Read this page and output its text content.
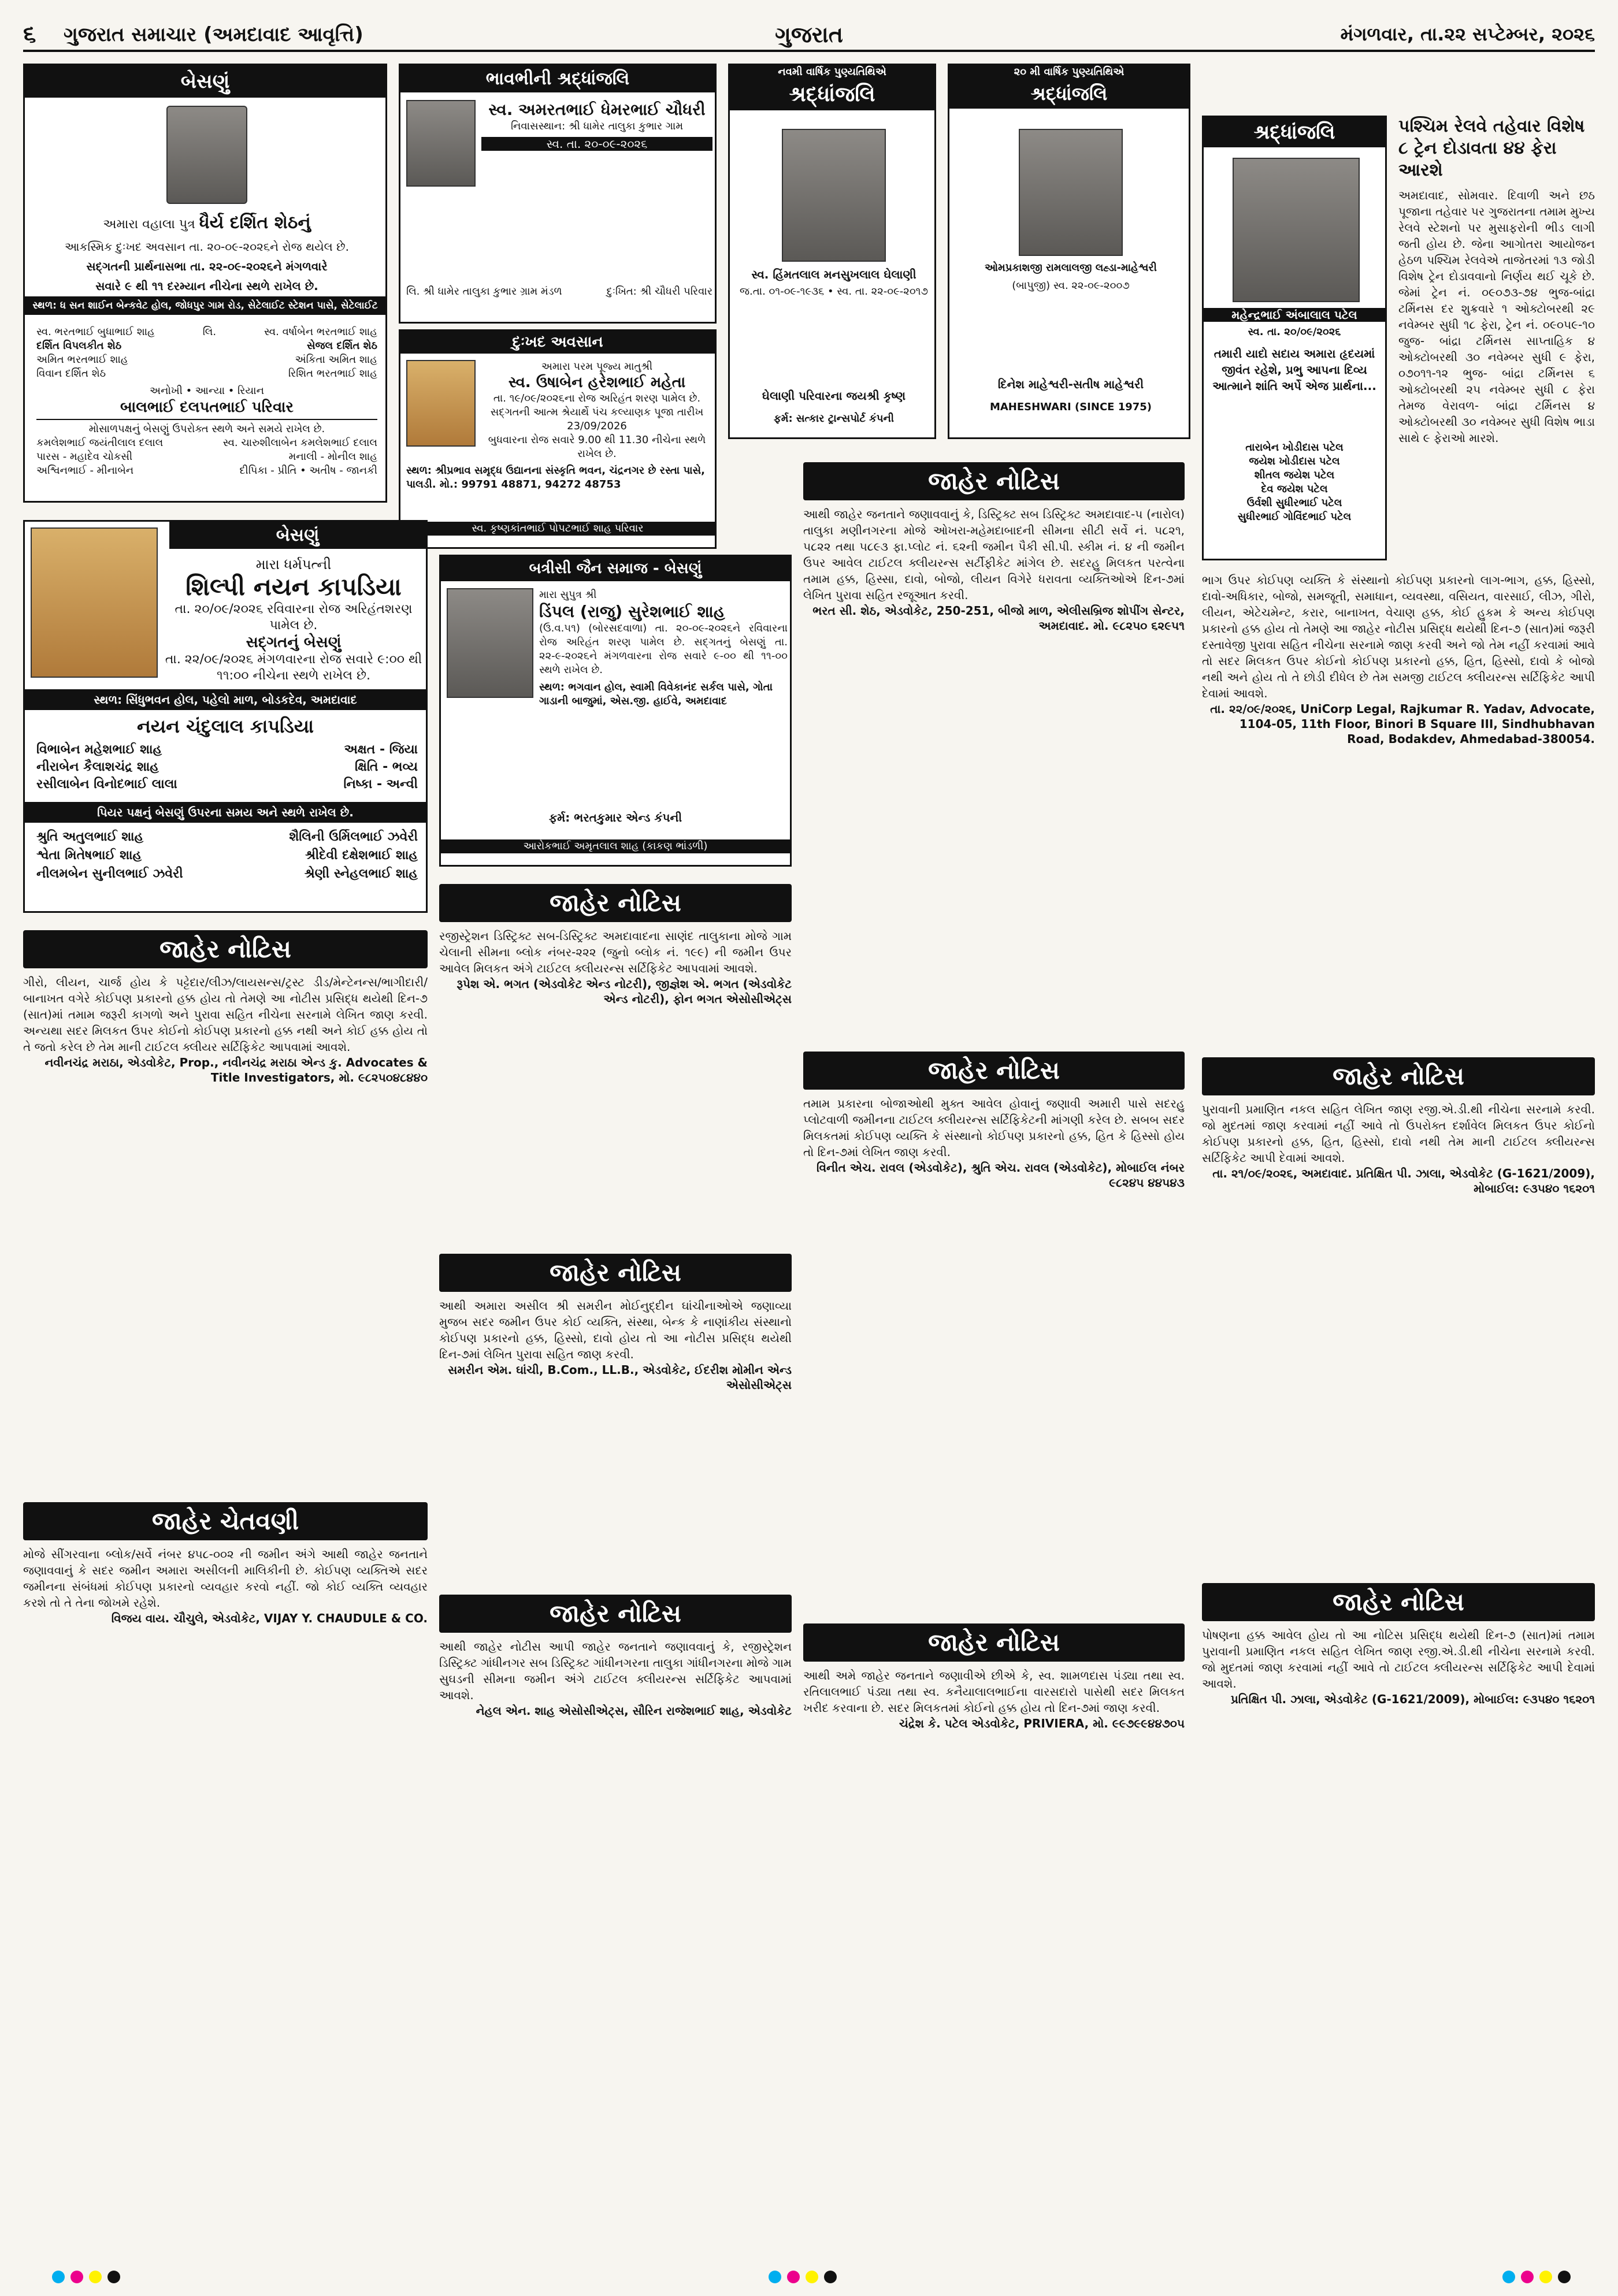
૬ ગુજરાત સમાચાર (અમદાવાદ આવૃત્તિ)	ગુજરાત	મંગળવાર, તા.૨૨ સપ્ટેમ્બર, ૨૦૨૬
બેસણું
અમારા વહાલા પુત્ર ધૈર્ય દર્શિત શેઠનું

આકસ્મિક દુઃખદ અવસાન તા. ૨૦-૦૯-૨૦૨૬ને રોજ થયેલ છે.

સદ્ગતની પ્રાર્થનાસભા તા. ૨૨-૦૯-૨૦૨૬ને મંગળવારે

સવારે ૯ થી ૧૧ દરમ્યાન નીચેના સ્થળે રાખેલ છે.

સ્થળ: ધ સન શાઈન બેન્કવેટ હોલ, જોધપુર ગામ રોડ, સેટેલાઈટ સ્ટેશન પાસે, સેટેલાઈટ
સ્વ. ભરતભાઈ બુધાભાઈ શાહ	લિ.	સ્વ. વર્ષાબેન ભરતભાઈ શાહ
દર્શિત વિપલકીત શેઠ	સેજલ દર્શિત શેઠ
અમિત ભરતભાઈ શાહ	અંકિતા અમિત શાહ
વિવાન દર્શિત શેઠ	રિશિત ભરતભાઈ શાહ
અનોખી • આન્યા • રિયાન
બાલભાઈ દલપતભાઈ પરિવાર
મોસાળપક્ષનું બેસણું ઉપરોક્ત સ્થળે અને સમયે રાખેલ છે.
કમલેશભાઈ જયંતીલાલ દલાલ	સ્વ. ચારુશીલાબેન કમલેશભાઈ દલાલ
પારસ - મહાદેવ ચોકસી	મનાલી - મોનીલ શાહ
અશ્વિનભાઈ - મીનાબેન	દીપિકા - પ્રીતિ • અતીષ - જાનકી
ભાવભીની શ્રદ્ધાંજલિ
સ્વ. અમરતભાઈ ધેમરભાઈ ચૌધરી
નિવાસસ્થાન: શ્રી ધામેર તાલુકા કુભાર ગામ
સ્વ. તા. ૨૦-૦૯-૨૦૨૬
લિ. શ્રી ધામેર તાલુકા કુભાર ગ્રામ મંડળ	દુઃખિત: શ્રી ચૌધરી પરિવાર
દુઃખદ અવસાન
અમારા પરમ પૂજ્ય માતુશ્રી
સ્વ. ઉષાબેન હરેશભાઈ મહેતા
તા. ૧૯/૦૯/૨૦૨૬ના રોજ અરિહંત શરણ પામેલ છે.
સદ્ગતની આત્મ શ્રેયાર્થે પંચ કલ્યાણક પૂજા તારીખ 23/09/2026
બુધવારના રોજ સવારે 9.00 થી 11.30 નીચેના સ્થળે રાખેલ છે.
સ્થળ: શ્રીપ્રભાવ સમૃદ્ધ ઉદ્યાનના સંસ્કૃતિ ભવન, ચંદ્રનગર છે રસ્તા પાસે, પાલડી. મો.: 99791 48871, 94272 48753
સ્વ. કૃષ્ણકાંતભાઈ પોપટભાઈ શાહ પરિવાર
નવમી વાર્ષિક પુણ્યતિથિએ
શ્રદ્ધાંજલિ
સ્વ. હિંમતલાલ મનસુખલાલ ઘેલાણી
જ.તા. ૦૧-૦૯-૧૯૩૬ • સ્વ. તા. ૨૨-૦૯-૨૦૧૭
ઘેલાણી પરિવારના જયશ્રી કૃષ્ણ
ફર્મ: સત્કાર ટ્રાન્સપોર્ટ કંપની
૨૦ મી વાર્ષિક પુણ્યતિથિએ
શ્રદ્ધાંજલિ
ઓમપ્રકાશજી રામલાલજી લહ્ડા-માહેશ્વરી
(બાપુજી) સ્વ. ૨૨-૦૯-૨૦૦૭
દિનેશ માહેશ્વરી-સતીષ માહેશ્વરી
MAHESHWARI (SINCE 1975)
શ્રદ્ધાંજલિ
મહેન્દ્રભાઈ અંબાલાલ પટેલ
સ્વ. તા. ૨૦/૦૯/૨૦૨૬
તમારી યાદો સદાય અમારા હૃદયમાં જીવંત રહેશે, પ્રભુ આપના દિવ્ય આત્માને શાંતિ અર્પે એજ પ્રાર્થના...
તારાબેન ખોડીદાસ પટેલ
જયેશ ખોડીદાસ પટેલ
શીતલ જયેશ પટેલ
દેવ જયેશ પટેલ
ઉર્વશી સુધીરભાઈ પટેલ
સુધીરભાઈ ગોવિંદભાઈ પટેલ
પશ્ચિમ રેલવે તહેવાર વિશેષ ૮ ટ્રેન દોડાવતા ૪૪ ફેરા આરશે
અમદાવાદ, સોમવાર. દિવાળી અને છઠ પૂજાના તહેવાર પર ગુજરાતના તમામ મુખ્ય રેલવે સ્ટેશનો પર મુસાફરોની ભીડ લાગી જતી હોય છે. જેના આગોતરા આયોજન હેઠળ પશ્ચિમ રેલવેએ તાજેતરમાં ૧૩ જોડી વિશેષ ટ્રેન દોડાવવાનો નિર્ણય થઈ ચૂકે છે. જેમાં ટ્રેન નં. ૦૯૦૭૩-૭૪ ભુજ-બાંદ્રા ટર્મિનસ દર શુક્રવારે ૧ ઓક્ટોબરથી ૨૯ નવેમ્બર સુધી ૧૮ ફેરા, ટ્રેન નં. ૦૯૦૫૯-૧૦ જુજ- બાંદ્રા ટર્મિનસ સાપ્તાહિક ૪ ઓક્ટોબરથી ૩૦ નવેમ્બર સુધી ૯ ફેરા, ૦૭૦૧૧-૧૨ ભુજ- બાંદ્રા ટર્મિનસ ૬ ઓક્ટોબરથી ૨૫ નવેમ્બર સુધી ૮ ફેરા તેમજ વેરાવળ- બાંદ્રા ટર્મિનસ ૪ ઓક્ટોબરથી ૩૦ નવેમ્બર સુધી વિશેષ ભાડા સાથે ૯ ફેરાઓ મારશે.
બેસણું
મારા ધર્મપત્ની
શિલ્પી નયન કાપડિયા
તા. ૨૦/૦૯/૨૦૨૬ રવિવારના રોજ અરિહંતશરણ પામેલ છે.
સદ્ગતનું બેસણું
તા. ૨૨/૦૯/૨૦૨૬ મંગળવારના રોજ સવારે ૯:૦૦ થી ૧૧:૦૦ નીચેના સ્થળે રાખેલ છે.
સ્થળ: સિંધુભવન હોલ, પહેલો માળ, બોડકદેવ, અમદાવાદ
નયન ચંદુલાલ કાપડિયા
વિભાબેન મહેશભાઈ શાહ	અક્ષત - જિયા
નીરાબેન કૈલાશચંદ્ર શાહ	ક્ષિતિ - ભવ્ય
રસીલાબેન વિનોદભાઈ લાલા	નિષ્કા - અન્વી
પિયર પક્ષનું બેસણું ઉપરના સમય અને સ્થળે રાખેલ છે.
શ્રુતિ અતુલભાઈ શાહ	શૈલિની ઉર્મિલભાઈ ઝવેરી
શ્વેતા મિતેષભાઈ શાહ	શ્રીદેવી દક્ષેશભાઈ શાહ
નીલમબેન સુનીલભાઈ ઝવેરી	શ્રેણી સ્નેહલભાઈ શાહ
બત્રીસી જૈન સમાજ - બેસણું
મારા સુપુત્ર શ્રી
ડિંપલ (રાજુ) સુરેશભાઈ શાહ
(ઉ.વ.૫૧) (બોરસદવાળા) તા. ૨૦-૦૯-૨૦૨૬ને રવિવારના રોજ અરિહંત શરણ પામેલ છે. સદ્ગતનું બેસણું તા. ૨૨-૯-૨૦૨૬ને મંગળવારના રોજ સવારે ૯-૦૦ થી ૧૧-૦૦ સ્થળે રાખેલ છે.
સ્થળ: ભગવાન હોલ, સ્વામી વિવેકાનંદ સર્કલ પાસે, ગોતા ગાડાની બાજુમાં, એસ.જી. હાઈવે, અમદાવાદ
ફર્મ: ભરતકુમાર એન્ડ કંપની
આરોકભાઈ અમૃતલાલ શાહ (કાકણ ભાંડળી)
જાહેર નોટિસ
આથી જાહેર જનતાને જણાવવાનું કે, ડિસ્ટ્રિક્ટ સબ ડિસ્ટ્રિક્ટ અમદાવાદ-૫ (નારોલ) તાલુકા મણીનગરના મોજે ઓખરા-મહેમદાબાદની સીમના સીટી સર્વે નં. ૫૮૨૧, ૫૮૨૨ તથા ૫૮૯૩ ફા.પ્લોટ નં. ૬૨ની જમીન પૈકી સી.પી. સ્કીમ નં. ૪ ની જમીન ઉપર આવેલ ટાઈટલ ક્લીયરન્સ સર્ટીફીકેટ માંગેલ છે. સદરહુ મિલકત પરત્વેના તમામ હક્ક, હિસ્સા, દાવો, બોજો, લીયન વિગેરે ધરાવતા વ્યક્તિઓએ દિન-૭માં લેખિત પુરાવા સહિત રજૂઆત કરવી.
ભરત સી. શેઠ, એડવોકેટ, 250-251, બીજો માળ, એલીસબ્રિજ શોપીંગ સેન્ટર, અમદાવાદ. મો. ૯૮૨૫૦ ૬૨૯૫૧
ભાગ ઉપર કોઈપણ વ્યક્તિ કે સંસ્થાનો કોઈપણ પ્રકારનો લાગ-ભાગ, હક્ક, હિસ્સો, દાવો-અધિકાર, બોજો, સમજૂતી, સમાધાન, વ્યવસ્થા, વસિયત, વારસાઈ, લીઝ, ગીરો, લીયન, એટેચમેન્ટ, કરાર, બાનાખત, વેચાણ હક્ક, કોઈ હુકમ કે અન્ય કોઈપણ પ્રકારનો હક્ક હોય તો તેમણે આ જાહેર નોટીસ પ્રસિદ્ધ થયેથી દિન-૭ (સાત)માં જરૂરી દસ્તાવેજી પુરાવા સહિત નીચેના સરનામે જાણ કરવી અને જો તેમ નહીં કરવામાં આવે તો સદર મિલકત ઉપર કોઈનો કોઈપણ પ્રકારનો હક્ક, હિત, હિસ્સો, દાવો કે બોજો નથી અને હોય તો તે છોડી દીધેલ છે તેમ સમજી ટાઈટલ ક્લીયરન્સ સર્ટિફિકેટ આપી દેવામાં આવશે.
તા. ૨૨/૦૯/૨૦૨૬, UniCorp Legal, Rajkumar R. Yadav, Advocate, 1104-05, 11th Floor, Binori B Square III, Sindhubhavan Road, Bodakdev, Ahmedabad-380054.
જાહેર નોટિસ
ગીરો, લીયન, ચાર્જ હોય કે પટ્ટેદાર/લીઝ/લાયસન્સ/ટ્રસ્ટ ડીડ/મેન્ટેનન્સ/ભાગીદારી/બાનાખત વગેરે કોઈપણ પ્રકારનો હક્ક હોય તો તેમણે આ નોટીસ પ્રસિદ્ધ થયેથી દિન-૭ (સાત)માં તમામ જરૂરી કાગળો અને પુરાવા સહિત નીચેના સરનામે લેખિત જાણ કરવી. અન્યથા સદર મિલકત ઉપર કોઈનો કોઈપણ પ્રકારનો હક્ક નથી અને કોઈ હક્ક હોય તો તે જતો કરેલ છે તેમ માની ટાઈટલ ક્લીયર સર્ટિફિકેટ આપવામાં આવશે.
નવીનચંદ્ર મરાઠા, એડવોકેટ, Prop., નવીનચંદ્ર મરાઠા એન્ડ કુ. Advocates & Title Investigators, મો. ૯૮૨૫૦૪૮૪૪૦
જાહેર નોટિસ
રજીસ્ટ્રેશન ડિસ્ટ્રિક્ટ સબ-ડિસ્ટ્રિક્ટ અમદાવાદના સાણંદ તાલુકાના મોજે ગામ ચેલાની સીમના બ્લોક નંબર-૨૨૨ (જુનો બ્લોક નં. ૧૯૯) ની જમીન ઉપર આવેલ મિલકત અંગે ટાઈટલ ક્લીયરન્સ સર્ટિફિકેટ આપવામાં આવશે.
રૂપેશ એ. ભગત (એડવોકેટ એન્ડ નોટરી), જીજ્ઞેશ એ. ભગત (એડવોકેટ એન્ડ નોટરી), ફોન ભગત એસોસીએટ્સ
જાહેર નોટિસ
તમામ પ્રકારના બોજાઓથી મુક્ત આવેલ હોવાનું જણાવી અમારી પાસે સદરહુ પ્લોટવાળી જમીનના ટાઈટલ ક્લીયરન્સ સર્ટિફિકેટની માંગણી કરેલ છે. સબબ સદર મિલકતમાં કોઈપણ વ્યક્તિ કે સંસ્થાનો કોઈપણ પ્રકારનો હક્ક, હિત કે હિસ્સો હોય તો દિન-૭માં લેખિત જાણ કરવી.
વિનીત એચ. રાવલ (એડવોકેટ), શ્રુતિ એચ. રાવલ (એડવોકેટ), મોબાઈલ નંબર ૯૮૨૪૫ ૪૪૫૪૩
જાહેર નોટિસ
પુરાવાની પ્રમાણિત નકલ સહિત લેખિત જાણ રજી.એ.ડી.થી નીચેના સરનામે કરવી. જો મુદતમાં જાણ કરવામાં નહીં આવે તો ઉપરોક્ત દર્શાવેલ મિલકત ઉપર કોઈનો કોઈપણ પ્રકારનો હક્ક, હિત, હિસ્સો, દાવો નથી તેમ માની ટાઈટલ ક્લીયરન્સ સર્ટિફિકેટ આપી દેવામાં આવશે.
તા. ૨૧/૦૯/૨૦૨૬, અમદાવાદ. પ્રતિક્ષિત પી. ઝાલા, એડવોકેટ (G-1621/2009), મોબાઈલ: ૯૩૫૪૦ ૧૬૨૦૧
જાહેર નોટિસ
આથી અમારા અસીલ શ્રી સમરીન મોઈનુદ્દીન ઘાંચીનાઓએ જણાવ્યા મુજબ સદર જમીન ઉપર કોઈ વ્યક્તિ, સંસ્થા, બેન્ક કે નાણાંકીય સંસ્થાનો કોઈપણ પ્રકારનો હક્ક, હિસ્સો, દાવો હોય તો આ નોટીસ પ્રસિદ્ધ થયેથી દિન-૭માં લેખિત પુરાવા સહિત જાણ કરવી.
સમરીન એમ. ઘાંચી, B.Com., LL.B., એડવોકેટ, ઈદરીશ મોમીન એન્ડ એસોસીએટ્સ
જાહેર ચેતવણી
મોજે સીંગરવાના બ્લોક/સર્વે નંબર ૪૫૮-૦૦૨ ની જમીન અંગે આથી જાહેર જનતાને જણાવવાનું કે સદર જમીન અમારા અસીલની માલિકીની છે. કોઈપણ વ્યક્તિએ સદર જમીનના સંબંધમાં કોઈપણ પ્રકારનો વ્યવહાર કરવો નહીં. જો કોઈ વ્યક્તિ વ્યવહાર કરશે તો તે તેના જોખમે રહેશે.
વિજય વાય. ચૌચુલે, એડવોકેટ, VIJAY Y. CHAUDULE & CO.	જાહેર નોટિસ
આથી જાહેર નોટીસ આપી જાહેર જનતાને જણાવવાનું કે, રજીસ્ટ્રેશન ડિસ્ટ્રિક્ટ ગાંધીનગર સબ ડિસ્ટ્રિક્ટ ગાંધીનગરના તાલુકા ગાંધીનગરના મોજે ગામ સુઘડની સીમના જમીન અંગે ટાઈટલ ક્લીયરન્સ સર્ટિફિકેટ આપવામાં આવશે.
નેહલ એન. શાહ એસોસીએટ્સ, સૌરિન રાજેશભાઈ શાહ, એડવોકેટ
જાહેર નોટિસ
આથી અમે જાહેર જનતાને જણાવીએ છીએ કે, સ્વ. શામળદાસ પંડ્યા તથા સ્વ. રતિલાલભાઈ પંડ્યા તથા સ્વ. કનૈયાલાલભાઈના વારસદારો પાસેથી સદર મિલકત ખરીદ કરવાના છે. સદર મિલકતમાં કોઈનો હક્ક હોય તો દિન-૭માં જાણ કરવી.
ચંદ્રેશ કે. પટેલ એડવોકેટ, PRIVIERA, મો. ૯૯૭૯૯૪૪૭૦૫
જાહેર નોટિસ
પોષણના હક્ક આવેલ હોય તો આ નોટિસ પ્રસિદ્ધ થયેથી દિન-૭ (સાત)માં તમામ પુરાવાની પ્રમાણિત નકલ સહિત લેખિત જાણ રજી.એ.ડી.થી નીચેના સરનામે કરવી. જો મુદતમાં જાણ કરવામાં નહીં આવે તો ટાઈટલ ક્લીયરન્સ સર્ટિફિકેટ આપી દેવામાં આવશે.
પ્રતિક્ષિત પી. ઝાલા, એડવોકેટ (G-1621/2009), મોબાઈલ: ૯૩૫૪૦ ૧૬૨૦૧
